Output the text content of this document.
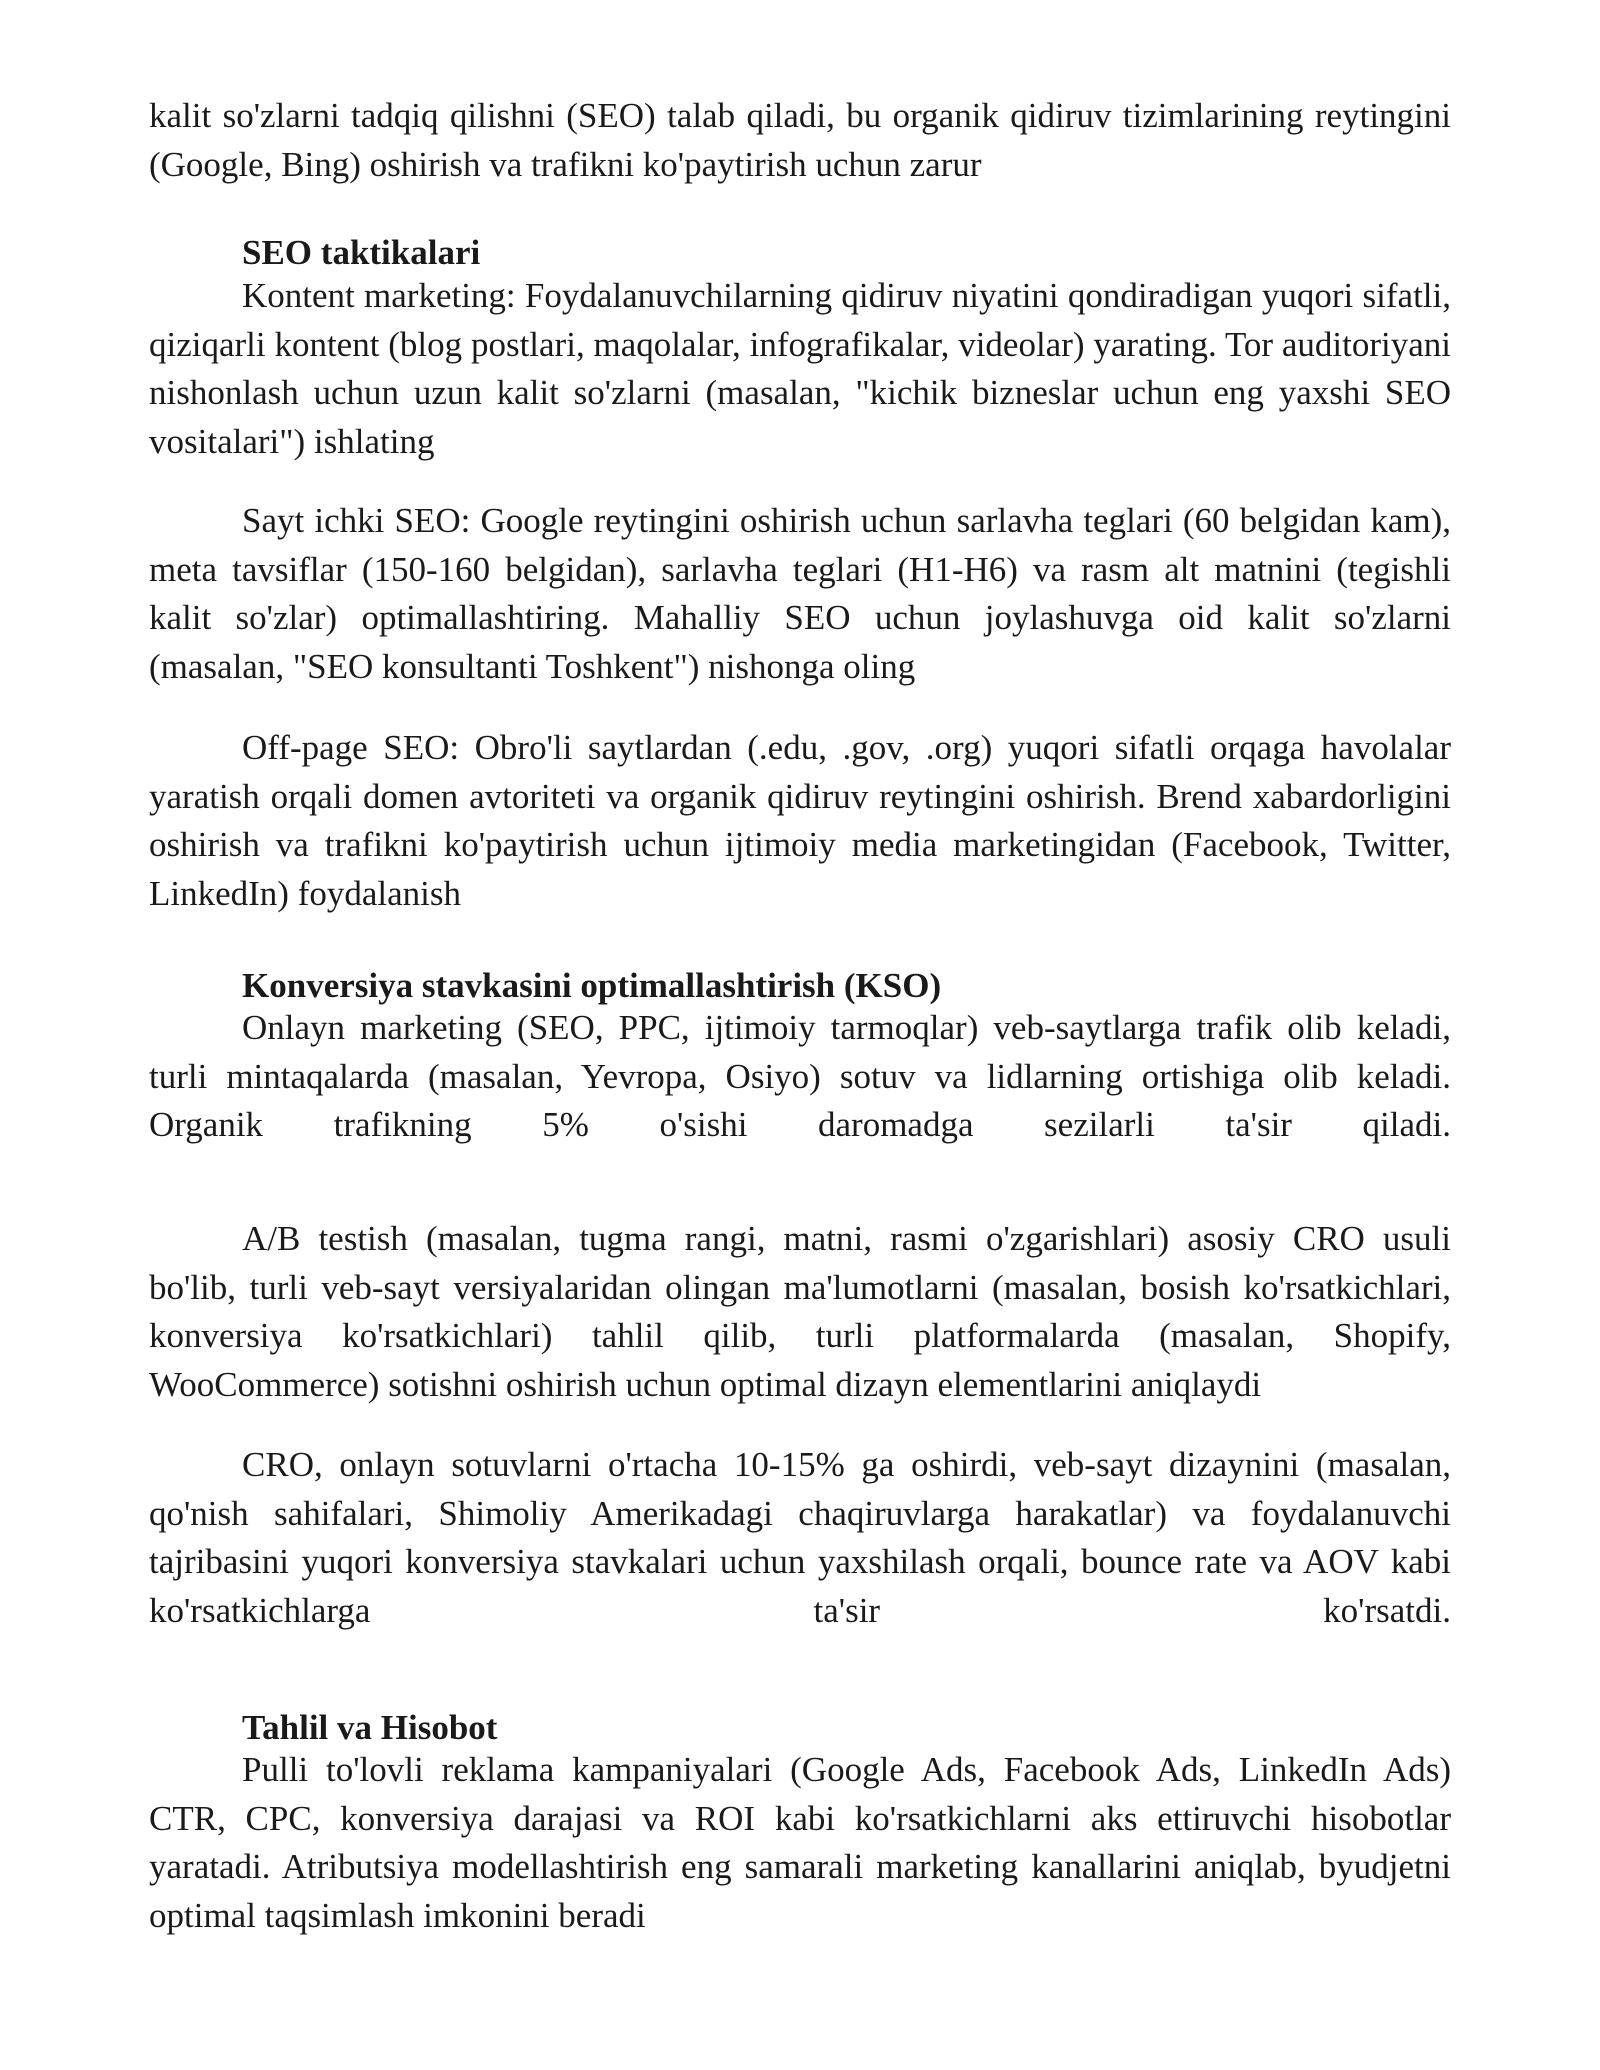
kalit so'zlarni tadqiq qilishni (SEO) talab qiladi, bu organik qidiruv tizimlarining reytingini (Google, Bing) oshirish va trafikni ko'paytirish uchun zarur

SEO taktikalari

Kontent marketing: Foydalanuvchilarning qidiruv niyatini qondiradigan yuqori sifatli, qiziqarli kontent (blog postlari, maqolalar, infografikalar, videolar) yarating. Tor auditoriyani nishonlash uchun uzun kalit so'zlarni (masalan, "kichik bizneslar uchun eng yaxshi SEO vositalari") ishlating

Sayt ichki SEO: Google reytingini oshirish uchun sarlavha teglari (60 belgidan kam), meta tavsiflar (150-160 belgidan), sarlavha teglari (H1-H6) va rasm alt matnini (tegishli kalit so'zlar) optimallashtiring. Mahalliy SEO uchun joylashuvga oid kalit so'zlarni (masalan, "SEO konsultanti Toshkent") nishonga oling

Off-page SEO: Obro'li saytlardan (.edu, .gov, .org) yuqori sifatli orqaga havolalar yaratish orqali domen avtoriteti va organik qidiruv reytingini oshirish. Brend xabardorligini oshirish va trafikni ko'paytirish uchun ijtimoiy media marketingidan (Facebook, Twitter, LinkedIn) foydalanish

Konversiya stavkasini optimallashtirish (KSO)

Onlayn marketing (SEO, PPC, ijtimoiy tarmoqlar) veb-saytlarga trafik olib keladi, turli mintaqalarda (masalan, Yevropa, Osiyo) sotuv va lidlarning ortishiga olib keladi. Organik trafikning 5% o'sishi daromadga sezilarli ta'sir qiladi.

A/B testish (masalan, tugma rangi, matni, rasmi o'zgarishlari) asosiy CRO usuli bo'lib, turli veb-sayt versiyalaridan olingan ma'lumotlarni (masalan, bosish ko'rsatkichlari, konversiya ko'rsatkichlari) tahlil qilib, turli platformalarda (masalan, Shopify, WooCommerce) sotishni oshirish uchun optimal dizayn elementlarini aniqlaydi

CRO, onlayn sotuvlarni o'rtacha 10-15% ga oshirdi, veb-sayt dizaynini (masalan, qo'nish sahifalari, Shimoliy Amerikadagi chaqiruvlarga harakatlar) va foydalanuvchi tajribasini yuqori konversiya stavkalari uchun yaxshilash orqali, bounce rate va AOV kabi ko'rsatkichlarga ta'sir ko'rsatdi.

Tahlil va Hisobot

Pulli to'lovli reklama kampaniyalari (Google Ads, Facebook Ads, LinkedIn Ads) CTR, CPC, konversiya darajasi va ROI kabi ko'rsatkichlarni aks ettiruvchi hisobotlar yaratadi. Atributsiya modellashtirish eng samarali marketing kanallarini aniqlab, byudjetni optimal taqsimlash imkonini beradi
